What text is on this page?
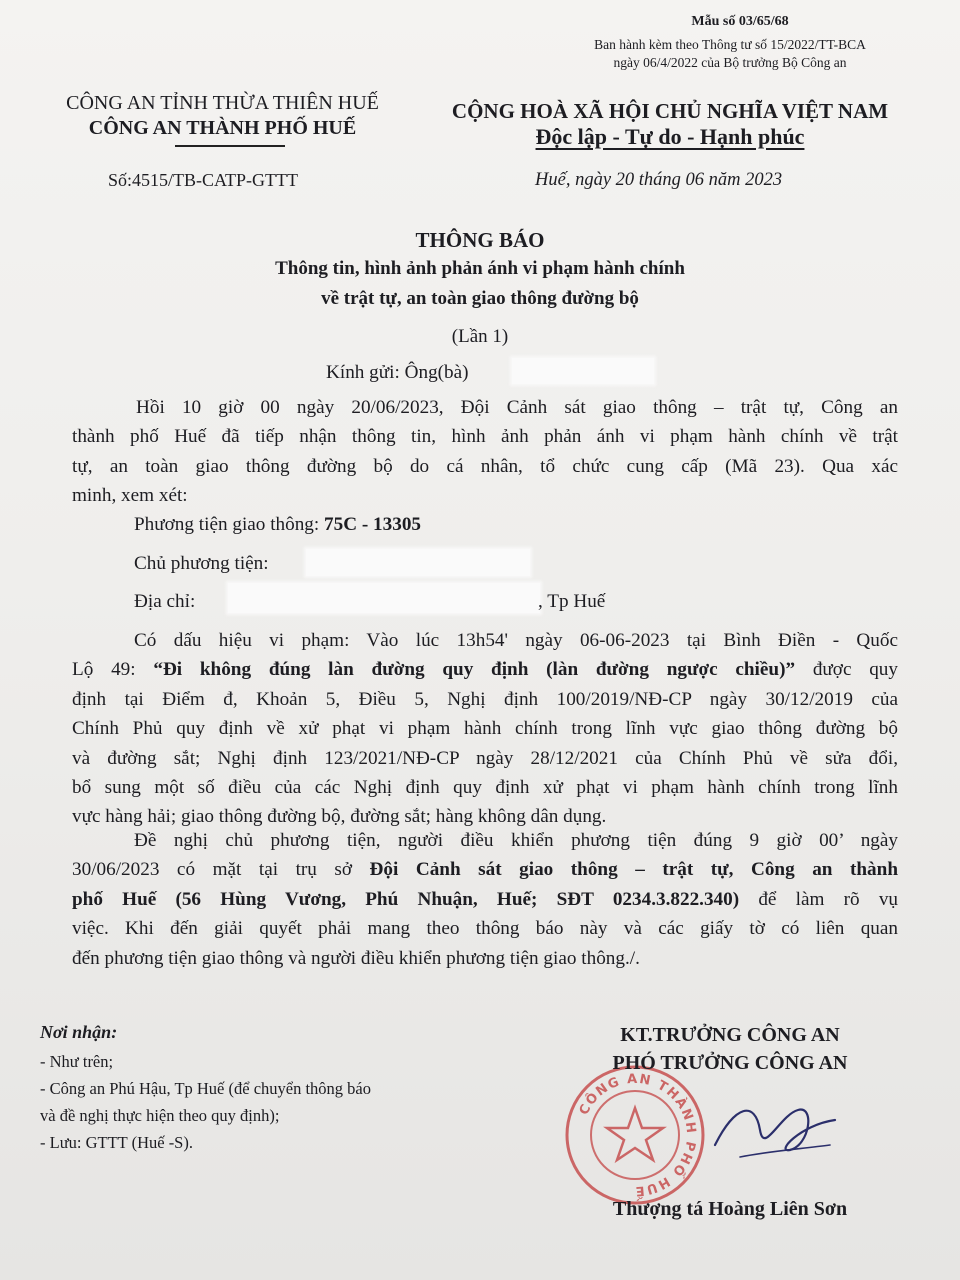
Mẫu số 03/65/68
Ban hành kèm theo Thông tư số 15/2022/TT-BCA
ngày 06/4/2022 của Bộ trưởng Bộ Công an
CÔNG AN TỈNH THỪA THIÊN HUẾ
CÔNG AN THÀNH PHỐ HUẾ
CỘNG HOÀ XÃ HỘI CHỦ NGHĨA VIỆT NAM
Độc lập - Tự do - Hạnh phúc
Số:4515/TB-CATP-GTTT	Huế, ngày 20 tháng 06 năm 2023
THÔNG BÁO
Thông tin, hình ảnh phản ánh vi phạm hành chính
về trật tự, an toàn giao thông đường bộ
(Lần 1)
Kính gửi: Ông(bà)
Hồi 10 giờ 00 ngày 20/06/2023, Đội Cảnh sát giao thông – trật tự, Công an
thành phố Huế đã tiếp nhận thông tin, hình ảnh phản ánh vi phạm hành chính về trật
tự, an toàn giao thông đường bộ do cá nhân, tổ chức cung cấp (Mã 23). Qua xác
minh, xem xét:
Phương tiện giao thông: 75C - 13305
Chủ phương tiện:
Địa chỉ:	, Tp Huế
Có dấu hiệu vi phạm: Vào lúc 13h54' ngày 06-06-2023 tại Bình Điền - Quốc
Lộ 49: “Đi không đúng làn đường quy định (làn đường ngược chiều)” được quy
định tại Điểm đ, Khoản 5, Điều 5, Nghị định 100/2019/NĐ-CP ngày 30/12/2019 của
Chính Phủ quy định về xử phạt vi phạm hành chính trong lĩnh vực giao thông đường bộ
và đường sắt; Nghị định 123/2021/NĐ-CP ngày 28/12/2021 của Chính Phủ về sửa đổi,
bổ sung một số điều của các Nghị định quy định xử phạt vi phạm hành chính trong lĩnh
vực hàng hải; giao thông đường bộ, đường sắt; hàng không dân dụng.
Đề nghị chủ phương tiện, người điều khiển phương tiện đúng 9 giờ 00’ ngày
30/06/2023 có mặt tại trụ sở Đội Cảnh sát giao thông – trật tự, Công an thành
phố Huế (56 Hùng Vương, Phú Nhuận, Huế; SĐT 0234.3.822.340) để làm rõ vụ
việc. Khi đến giải quyết phải mang theo thông báo này và các giấy tờ có liên quan
đến phương tiện giao thông và người điều khiển phương tiện giao thông./.
Nơi nhận:
- Như trên;
- Công an Phú Hậu, Tp Huế (để chuyển thông báo
và đề nghị thực hiện theo quy định);
- Lưu: GTTT (Huế -S).
CÔNG AN THÀNH PHỐ HUẾ
KT.TRƯỞNG CÔNG AN
PHÓ TRƯỞNG CÔNG AN
Thượng tá Hoàng Liên Sơn
